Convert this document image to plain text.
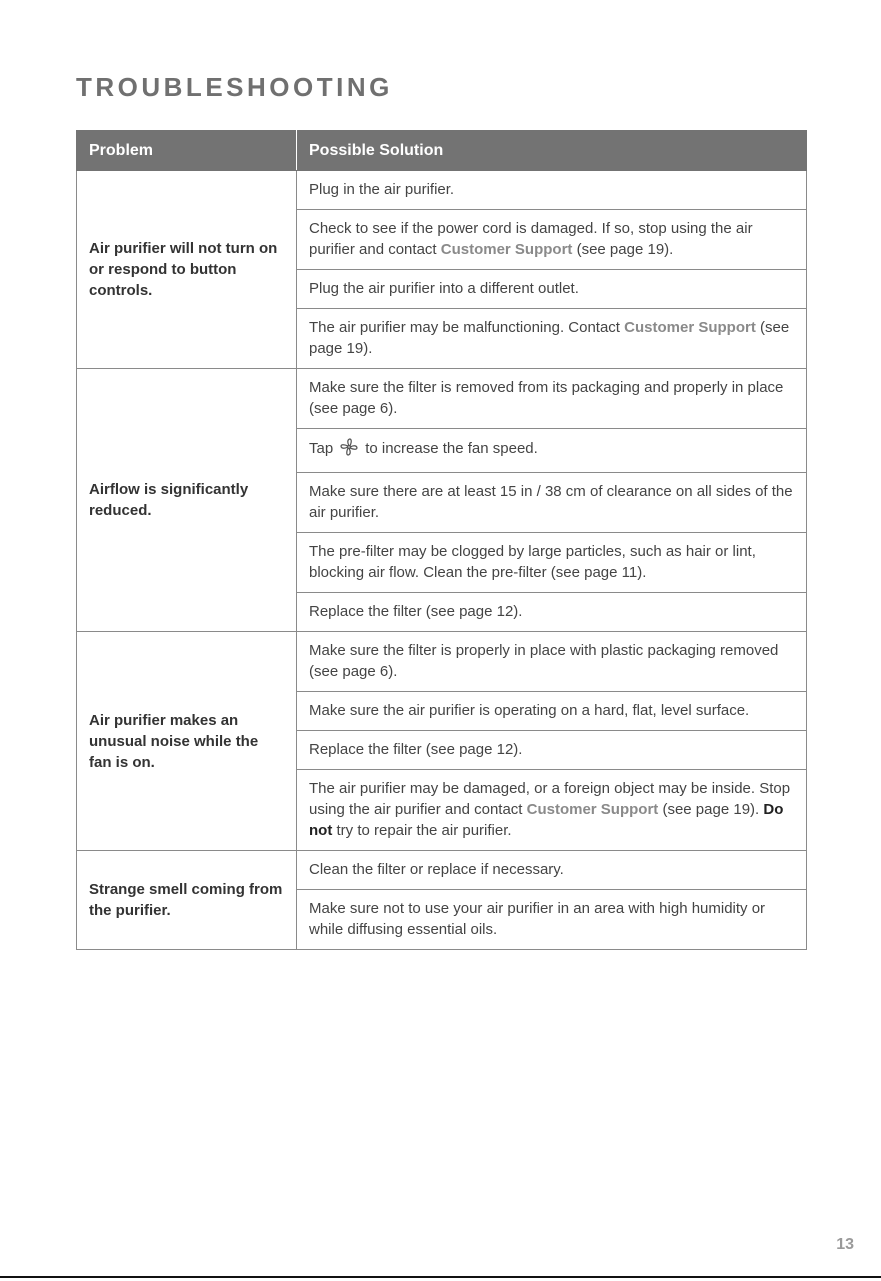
TROUBLESHOOTING
Problem	Possible Solution
Air purifier will not turn on or respond to button controls.	Plug in the air purifier.
	Check to see if the power cord is damaged. If so, stop using the air purifier and contact Customer Support (see page 19).
	Plug the air purifier into a different outlet.
	The air purifier may be malfunctioning. Contact Customer Support (see page 19).
Airflow is significantly reduced.	Make sure the filter is removed from its packaging and properly in place (see page 6).
	Tap to increase the fan speed.
	Make sure there are at least 15 in / 38 cm of clearance on all sides of the air purifier.
	The pre-filter may be clogged by large particles, such as hair or lint, blocking air flow. Clean the pre-filter (see page 11).
	Replace the filter (see page 12).
Air purifier makes an unusual noise while the fan is on.	Make sure the filter is properly in place with plastic packaging removed (see page 6).
	Make sure the air purifier is operating on a hard, flat, level surface.
	Replace the filter (see page 12).
	The air purifier may be damaged, or a foreign object may be inside. Stop using the air purifier and contact Customer Support (see page 19). Do not try to repair the air purifier.
Strange smell coming from the purifier.	Clean the filter or replace if necessary.
	Make sure not to use your air purifier in an area with high humidity or while diffusing essential oils.
13
